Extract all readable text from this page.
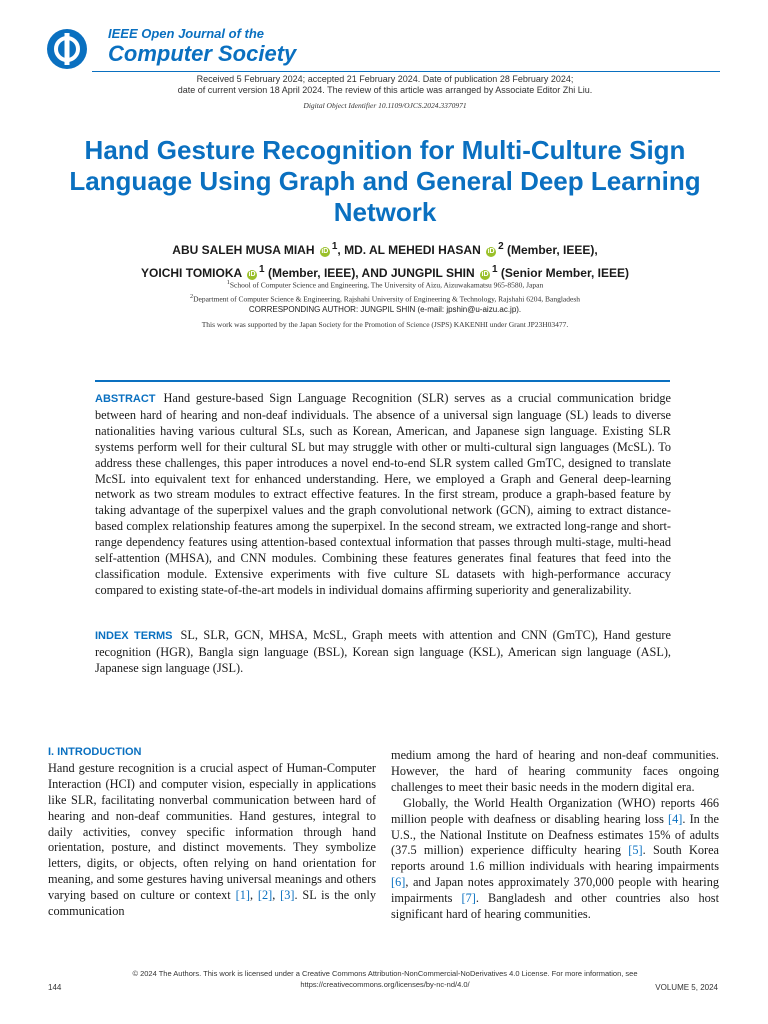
IEEE Open Journal of the
Computer Society
Received 5 February 2024; accepted 21 February 2024. Date of publication 28 February 2024;
date of current version 18 April 2024. The review of this article was arranged by Associate Editor Zhi Liu.
Digital Object Identifier 10.1109/OJCS.2024.3370971
Hand Gesture Recognition for Multi-Culture Sign Language Using Graph and General Deep Learning Network
ABU SALEH MUSA MIAH iD $^1$, MD. AL MEHEDI HASAN iD $^2$ (Member, IEEE),
YOICHI TOMIOKA iD $^1$ (Member, IEEE), AND JUNGPIL SHIN iD $^1$ (Senior Member, IEEE)
$^1$School of Computer Science and Engineering, The University of Aizu, Aizuwakamatsu 965-8580, Japan
$^2$Department of Computer Science & Engineering, Rajshahi University of Engineering & Technology, Rajshahi 6204, Bangladesh
CORRESPONDING AUTHOR: JUNGPIL SHIN (e-mail: jpshin@u-aizu.ac.jp).
This work was supported by the Japan Society for the Promotion of Science (JSPS) KAKENHI under Grant JP23H03477.
ABSTRACT Hand gesture-based Sign Language Recognition (SLR) serves as a crucial communication bridge between hard of hearing and non-deaf individuals. The absence of a universal sign language (SL) leads to diverse nationalities having various cultural SLs, such as Korean, American, and Japanese sign language. Existing SLR systems perform well for their cultural SL but may struggle with other or multi-cultural sign languages (McSL). To address these challenges, this paper introduces a novel end-to-end SLR system called GmTC, designed to translate McSL into equivalent text for enhanced understanding. Here, we employed a Graph and General deep-learning network as two stream modules to extract effective features. In the first stream, produce a graph-based feature by taking advantage of the superpixel values and the graph convolutional network (GCN), aiming to extract distance-based complex relationship features among the superpixel. In the second stream, we extracted long-range and short-range dependency features using attention-based contextual information that passes through multi-stage, multi-head self-attention (MHSA), and CNN modules. Combining these features generates final features that feed into the classification module. Extensive experiments with five culture SL datasets with high-performance accuracy compared to existing state-of-the-art models in individual domains affirming superiority and generalizability.
INDEX TERMS SL, SLR, GCN, MHSA, McSL, Graph meets with attention and CNN (GmTC), Hand gesture recognition (HGR), Bangla sign language (BSL), Korean sign language (KSL), American sign language (ASL), Japanese sign language (JSL).
I. INTRODUCTION

Hand gesture recognition is a crucial aspect of Human-Computer Interaction (HCI) and computer vision, especially in applications like SLR, facilitating nonverbal communication between hard of hearing and non-deaf communities. Hand gestures, integral to daily activities, convey specific information through hand orientation, posture, and distinct movements. They symbolize letters, digits, or objects, often relying on hand orientation for meaning, and some gestures having universal meanings and others varying based on culture or context [1], [2], [3]. SL is the only communication

medium among the hard of hearing and non-deaf communities. However, the hard of hearing community faces ongoing challenges to meet their basic needs in the modern digital era.

Globally, the World Health Organization (WHO) reports 466 million people with deafness or disabling hearing loss [4]. In the U.S., the National Institute on Deafness estimates 15% of adults (37.5 million) experience difficulty hearing [5]. South Korea reports around 1.6 million individuals with hearing impairments [6], and Japan notes approximately 370,000 people with hearing impairments [7]. Bangladesh and other countries also host significant hard of hearing communities.

© 2024 The Authors. This work is licensed under a Creative Commons Attribution-NonCommercial-NoDerivatives 4.0 License. For more information, see https://creativecommons.org/licenses/by-nc-nd/4.0/
144	VOLUME 5, 2024
